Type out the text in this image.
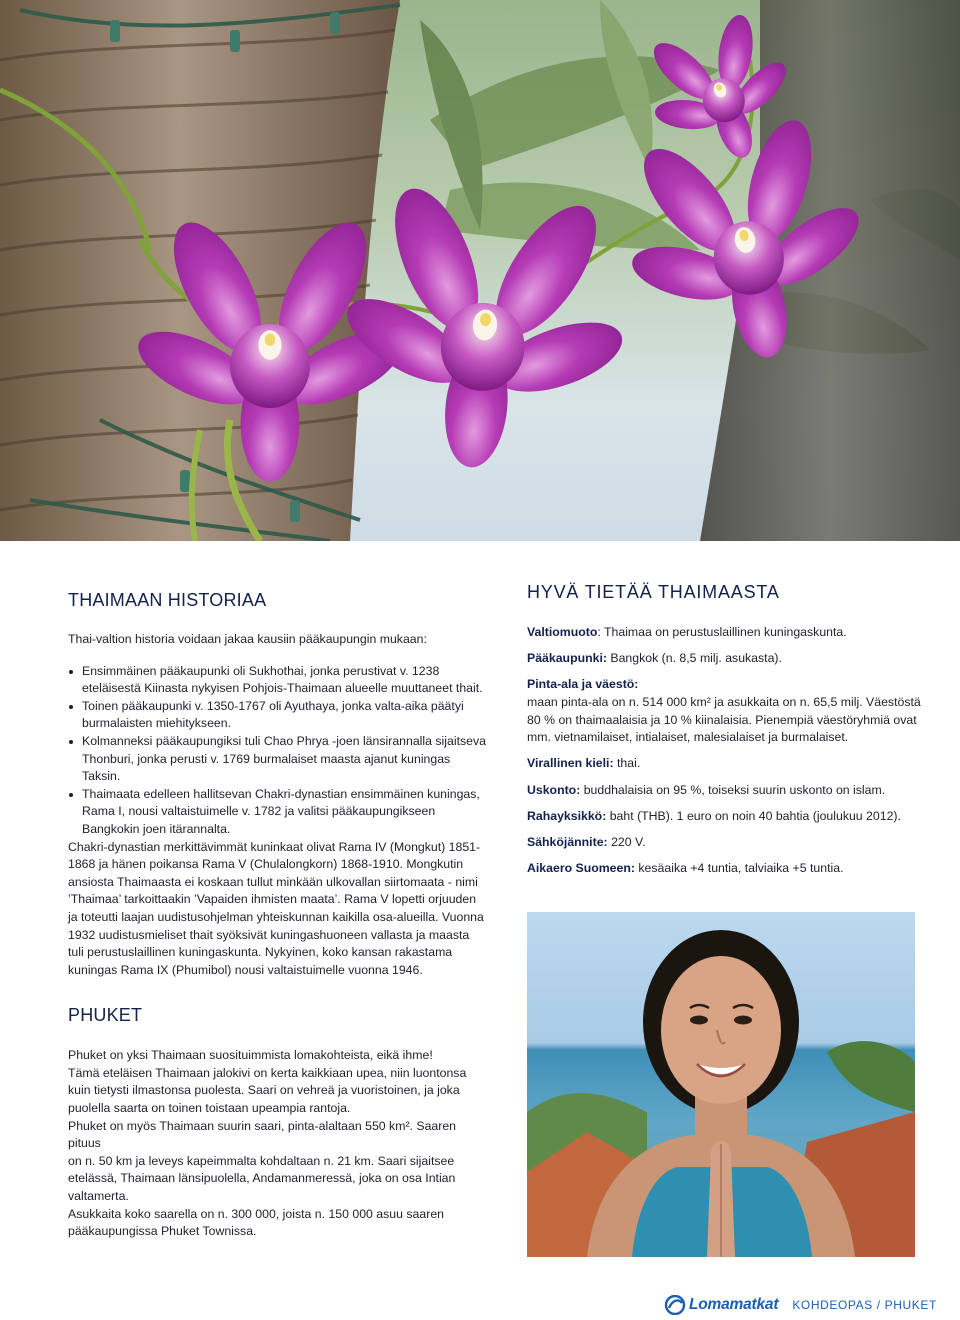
THAIMAAN HISTORIAA

Thai-valtion historia voidaan jakaa kausiin pääkaupungin mukaan:

Ensimmäinen pääkaupunki oli Sukhothai, jonka perustivat v. 1238 eteläisestä Kiinasta nykyisen Pohjois-Thaimaan alueelle muuttaneet thait.
Toinen pääkaupunki v. 1350-1767 oli Ayuthaya, jonka valta-aika päätyi burmalaisten miehitykseen.
Kolmanneksi pääkaupungiksi tuli Chao Phrya -joen länsirannalla sijaitseva Thonburi, jonka perusti v. 1769 burmalaiset maasta ajanut kuningas Taksin.
Thaimaata edelleen hallitsevan Chakri-dynastian ensimmäinen kuningas, Rama I, nousi valtaistuimelle v. 1782 ja valitsi pääkaupungikseen Bangkokin joen itärannalta.

Chakri-dynastian merkittävimmät kuninkaat olivat Rama IV (Mongkut) 1851-1868 ja hänen poikansa Rama V (Chulalongkorn) 1868-1910. Mongkutin ansiosta Thaimaasta ei koskaan tullut minkään ulkovallan siirtomaata - nimi ’Thaimaa’ tarkoittaakin ’Vapaiden ihmisten maata’. Rama V lopetti orjuuden ja toteutti laajan uudistusohjelman yhteiskunnan kaikilla osa-alueilla. Vuonna 1932 uudistusmieliset thait syöksivät kuningashuoneen vallasta ja maasta tuli perustuslaillinen kuningaskunta. Nykyinen, koko kansan rakastama kuningas Rama IX (Phumibol) nousi valtaistuimelle vuonna 1946.

PHUKET

Phuket on yksi Thaimaan suosituimmista lomakohteista, eikä ihme!

Tämä eteläisen Thaimaan jalokivi on kerta kaikkiaan upea, niin luontonsa kuin tietysti ilmastonsa puolesta. Saari on vehreä ja vuoristoinen, ja joka puolella saarta on toinen toistaan upeampia rantoja.

Phuket on myös Thaimaan suurin saari, pinta-alaltaan 550 km². Saaren pituus

on n. 50 km ja leveys kapeimmalta kohdaltaan n. 21 km. Saari sijaitsee etelässä, Thaimaan länsipuolella, Andamanmeressä, joka on osa Intian valtamerta.

Asukkaita koko saarella on n. 300 000, joista n. 150 000 asuu saaren pääkaupungissa Phuket Townissa.

HYVÄ TIETÄÄ THAIMAASTA

Valtiomuoto: Thaimaa on perustuslaillinen kuningaskunta.

Pääkaupunki: Bangkok (n. 8,5 milj. asukasta).

Pinta-ala ja väestö:
maan pinta-ala on n. 514 000 km² ja asukkaita on n. 65,5 milj. Väestöstä 80 % on thaimaalaisia ja 10 % kiinalaisia. Pienempiä väestöryhmiä ovat mm. vietnamilaiset, intialaiset, malesialaiset ja burmalaiset.

Virallinen kieli: thai.

Uskonto: buddhalaisia on 95 %, toiseksi suurin uskonto on islam.

Rahayksikkö: baht (THB). 1 euro on noin 40 bahtia (joulukuu 2012).

Sähköjännite: 220 V.

Aikaero Suomeen: kesäaika +4 tuntia, talviaika +5 tuntia.

Lomamatkat KOHDEOPAS / PHUKET
